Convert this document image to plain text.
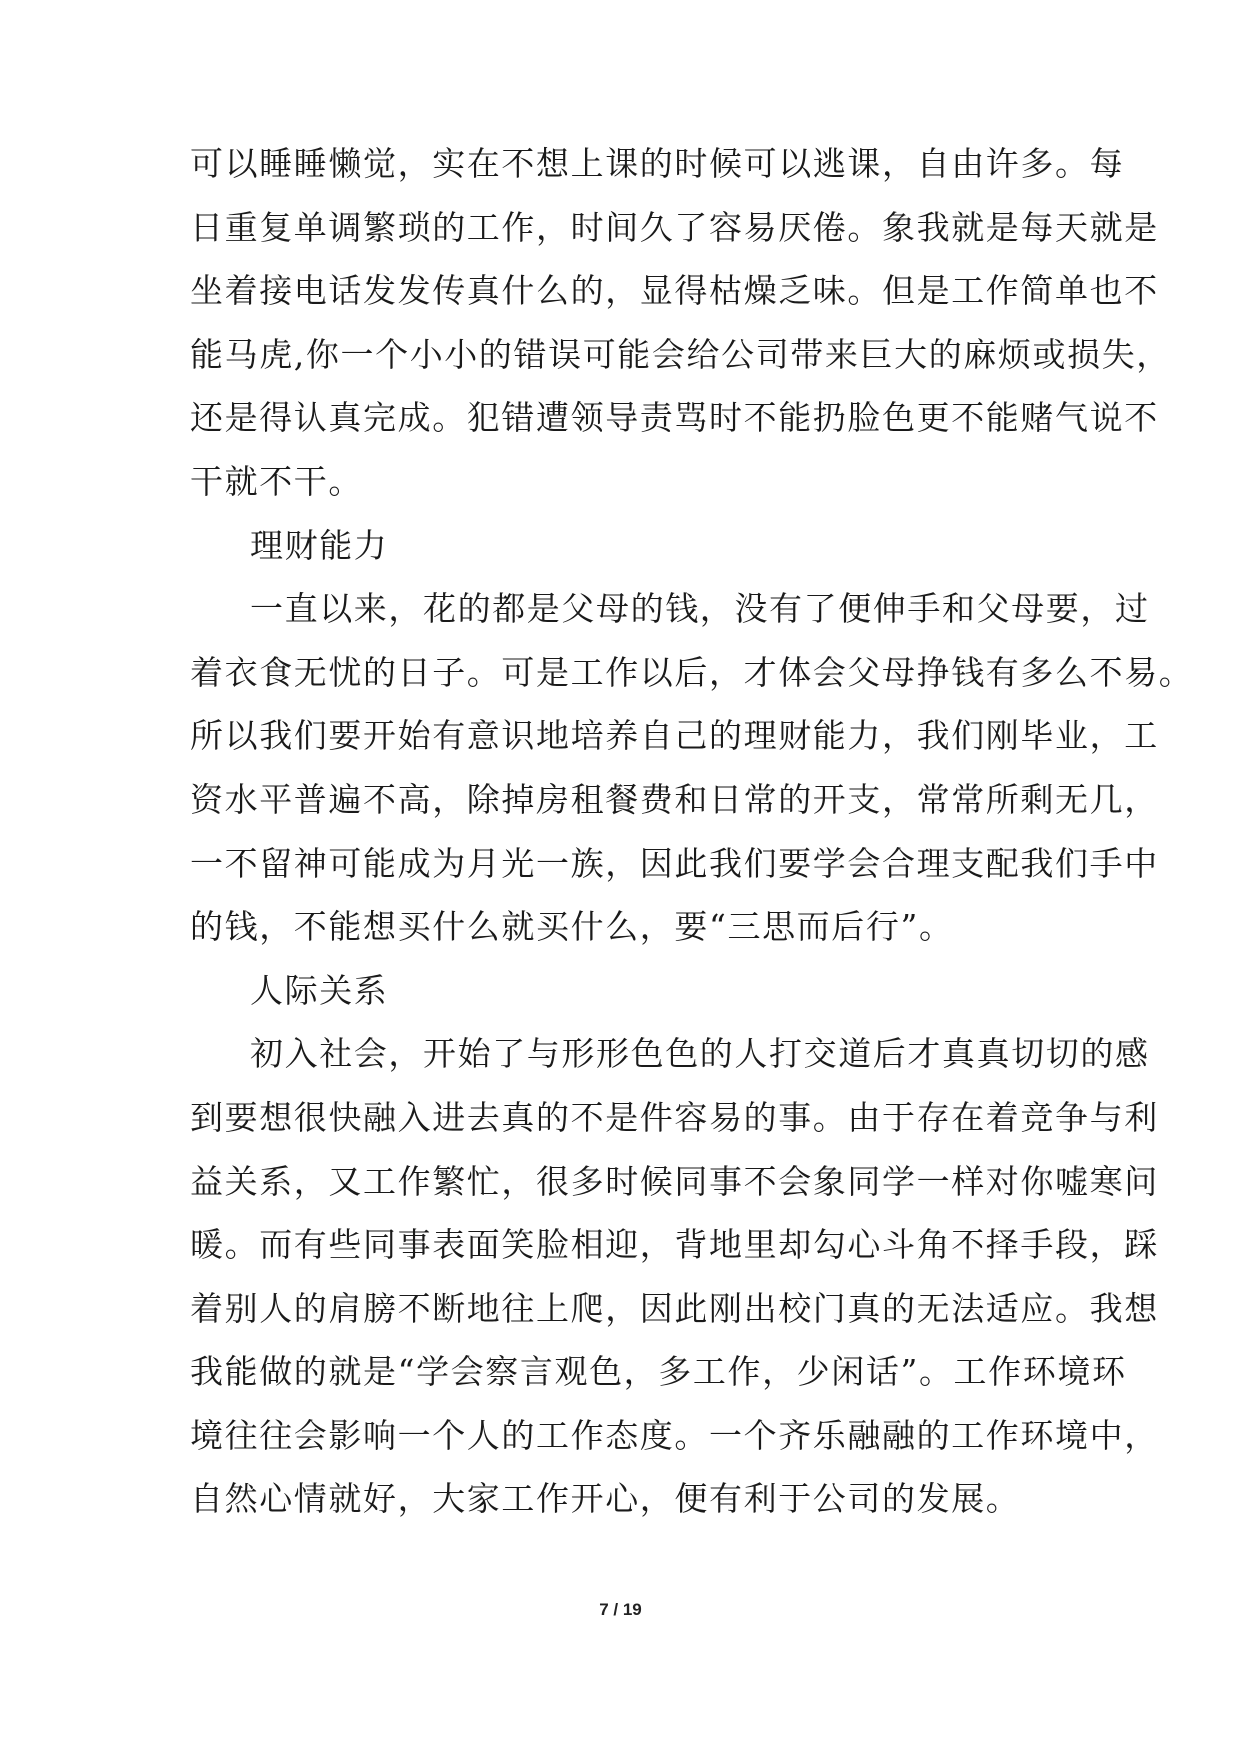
可以睡睡懒觉，实在不想上课的时候可以逃课，自由许多。每
日重复单调繁琐的工作，时间久了容易厌倦。象我就是每天就是
坐着接电话发发传真什么的，显得枯燥乏味。但是工作简单也不
能马虎,你一个小小的错误可能会给公司带来巨大的麻烦或损失，
还是得认真完成。犯错遭领导责骂时不能扔脸色更不能赌气说不
干就不干。
理财能力
一直以来，花的都是父母的钱，没有了便伸手和父母要，过
着衣食无忧的日子。可是工作以后，才体会父母挣钱有多么不易。
所以我们要开始有意识地培养自己的理财能力，我们刚毕业，工
资水平普遍不高，除掉房租餐费和日常的开支，常常所剩无几，
一不留神可能成为月光一族，因此我们要学会合理支配我们手中
的钱，不能想买什么就买什么，要“三思而后行”。
人际关系
初入社会，开始了与形形色色的人打交道后才真真切切的感
到要想很快融入进去真的不是件容易的事。由于存在着竞争与利
益关系，又工作繁忙，很多时候同事不会象同学一样对你嘘寒问
暖。而有些同事表面笑脸相迎，背地里却勾心斗角不择手段，踩
着别人的肩膀不断地往上爬，因此刚出校门真的无法适应。我想
我能做的就是“学会察言观色，多工作，少闲话”。工作环境环
境往往会影响一个人的工作态度。一个齐乐融融的工作环境中，
自然心情就好，大家工作开心，便有利于公司的发展。
7 / 19
